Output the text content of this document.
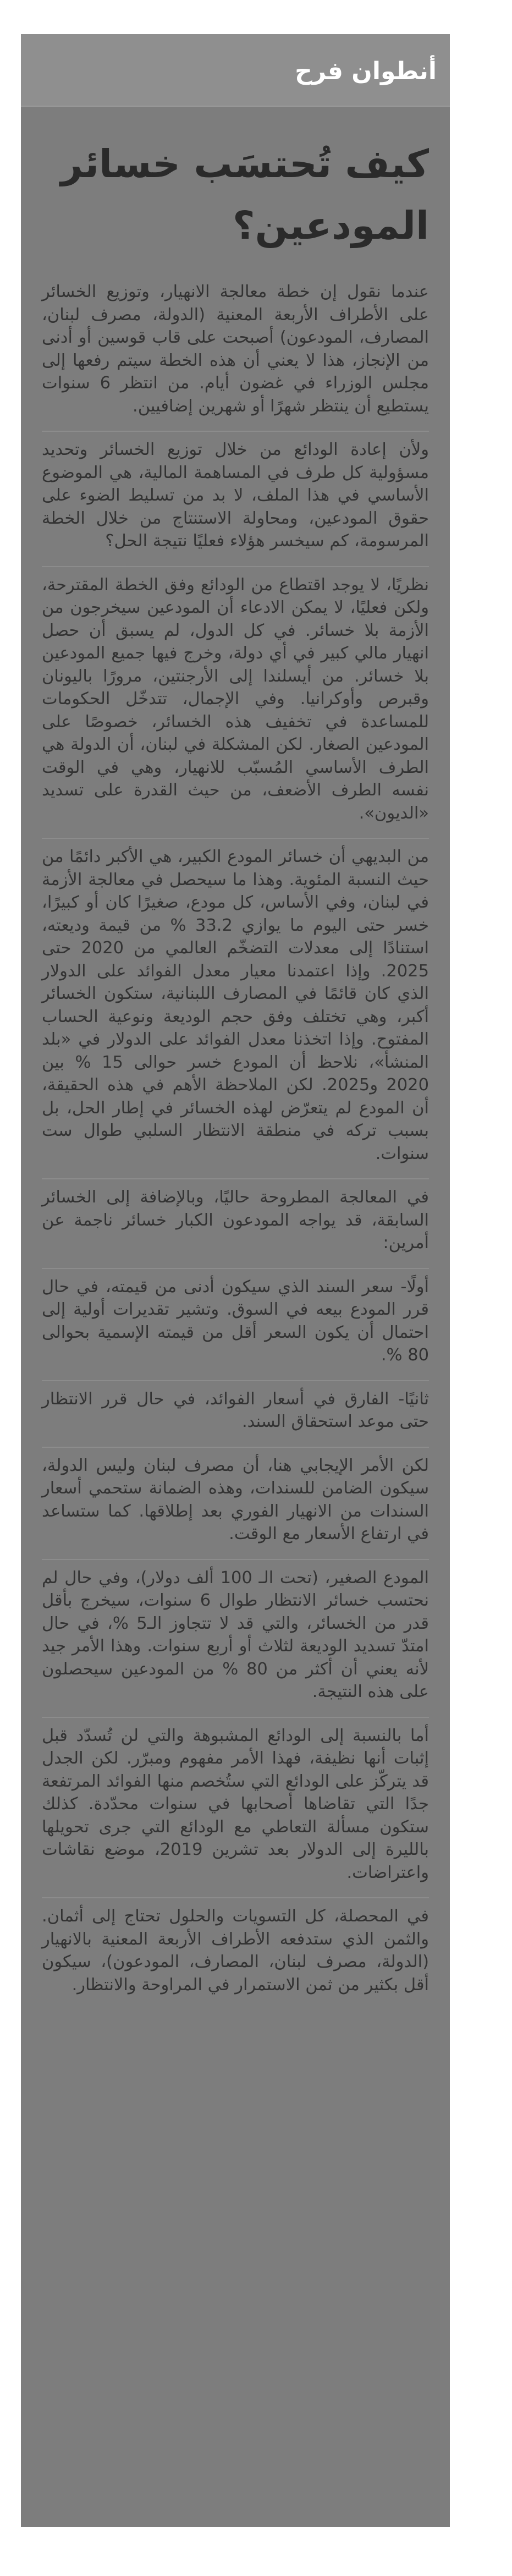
أنطوان فرح
كيف تُحتسَب خسائر المودعين؟

عندما نقول إن خطة معالجة الانهيار، وتوزيع الخسائر على الأطراف الأربعة المعنية (الدولة، مصرف لبنان، المصارف، المودعون) أصبحت على قاب قوسين أو أدنى من الإنجاز، هذا لا يعني أن هذه الخطة سيتم رفعها إلى مجلس الوزراء في غضون أيام. من انتظر 6 سنوات يستطيع أن ينتظر شهرًا أو شهرين إضافيين.

ولأن إعادة الودائع من خلال توزيع الخسائر وتحديد مسؤولية كل طرف في المساهمة المالية، هي الموضوع الأساسي في هذا الملف، لا بد من تسليط الضوء على حقوق المودعين، ومحاولة الاستنتاج من خلال الخطة المرسومة، كم سيخسر هؤلاء فعليًا نتيجة الحل؟

نظريًا، لا يوجد اقتطاع من الودائع وفق الخطة المقترحة، ولكن فعليًا، لا يمكن الادعاء أن المودعين سيخرجون من الأزمة بلا خسائر. في كل الدول، لم يسبق أن حصل انهيار مالي كبير في أي دولة، وخرج فيها جميع المودعين بلا خسائر. من أيسلندا إلى الأرجنتين، مرورًا باليونان وقبرص وأوكرانيا. وفي الإجمال، تتدخّل الحكومات للمساعدة في تخفيف هذه الخسائر، خصوصًا على المودعين الصغار. لكن المشكلة في لبنان، أن الدولة هي الطرف الأساسي المُسبّب للانهيار، وهي في الوقت نفسه الطرف الأضعف، من حيث القدرة على تسديد «الديون».

من البديهي أن خسائر المودع الكبير، هي الأكبر دائمًا من حيث النسبة المئوية. وهذا ما سيحصل في معالجة الأزمة في لبنان، وفي الأساس، كل مودع، صغيرًا كان أو كبيرًا، خسر حتى اليوم ما يوازي 33.2 % من قيمة وديعته، استنادًا إلى معدلات التضخّم العالمي من 2020 حتى 2025. وإذا اعتمدنا معيار معدل الفوائد على الدولار الذي كان قائمًا في المصارف اللبنانية، ستكون الخسائر أكبر، وهي تختلف وفق حجم الوديعة ونوعية الحساب المفتوح. وإذا اتخذنا معدل الفوائد على الدولار في «بلد المنشأ»، نلاحظ أن المودع خسر حوالى 15 % بين 2020 و2025. لكن الملاحظة الأهم في هذه الحقيقة، أن المودع لم يتعرّض لهذه الخسائر في إطار الحل، بل بسبب تركه في منطقة الانتظار السلبي طوال ست سنوات.

في المعالجة المطروحة حاليًا، وبالإضافة إلى الخسائر السابقة، قد يواجه المودعون الكبار خسائر ناجمة عن أمرين:

أولًا- سعر السند الذي سيكون أدنى من قيمته، في حال قرر المودع بيعه في السوق. وتشير تقديرات أولية إلى احتمال أن يكون السعر أقل من قيمته الإسمية بحوالى 80 %.

ثانيًا- الفارق في أسعار الفوائد، في حال قرر الانتظار حتى موعد استحقاق السند.

لكن الأمر الإيجابي هنا، أن مصرف لبنان وليس الدولة، سيكون الضامن للسندات، وهذه الضمانة ستحمي أسعار السندات من الانهيار الفوري بعد إطلاقها. كما ستساعد في ارتفاع الأسعار مع الوقت.

المودع الصغير، (تحت الـ 100 ألف دولار)، وفي حال لم نحتسب خسائر الانتظار طوال 6 سنوات، سيخرج بأقل قدر من الخسائر، والتي قد لا تتجاوز الـ5 %، في حال امتدّ تسديد الوديعة لثلاث أو أربع سنوات. وهذا الأمر جيد لأنه يعني أن أكثر من 80 % من المودعين سيحصلون على هذه النتيجة.

أما بالنسبة إلى الودائع المشبوهة والتي لن تُسدّد قبل إثبات أنها نظيفة، فهذا الأمر مفهوم ومبرّر. لكن الجدل قد يتركّز على الودائع التي ستُخصم منها الفوائد المرتفعة جدًا التي تقاضاها أصحابها في سنوات محدّدة. كذلك ستكون مسألة التعاطي مع الودائع التي جرى تحويلها بالليرة إلى الدولار بعد تشرين 2019، موضع نقاشات واعتراضات.

في المحصلة، كل التسويات والحلول تحتاج إلى أثمان. والثمن الذي ستدفعه الأطراف الأربعة المعنية بالانهيار (الدولة، مصرف لبنان، المصارف، المودعون)، سيكون أقل بكثير من ثمن الاستمرار في المراوحة والانتظار.
